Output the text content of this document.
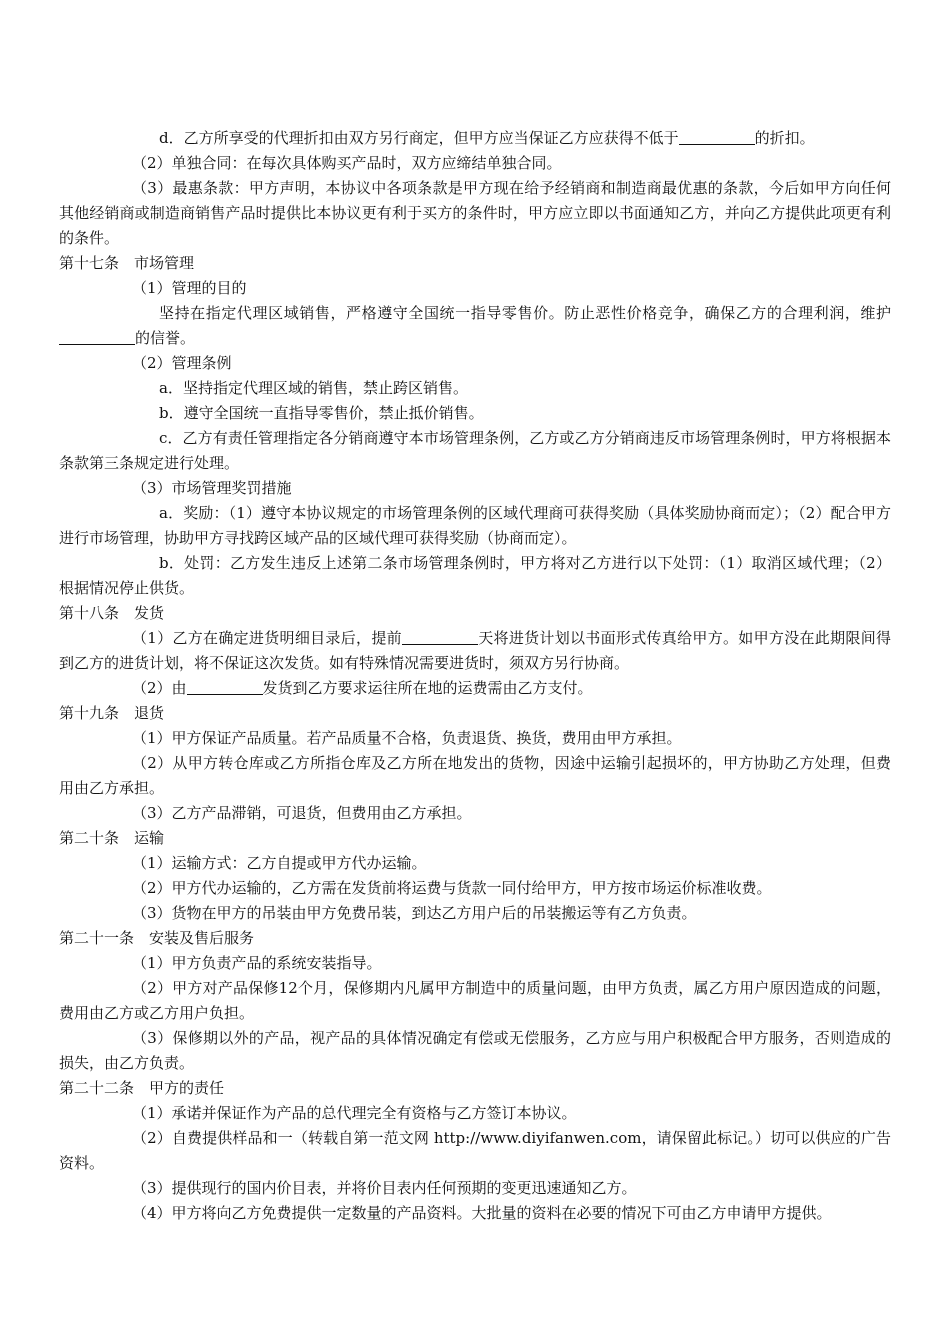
d．乙方所享受的代理折扣由双方另行商定，但甲方应当保证乙方应获得不低于	的折扣。

（2）单独合同：在每次具体购买产品时，双方应缔结单独合同。

（3）最惠条款：甲方声明，本协议中各项条款是甲方现在给予经销商和制造商最优惠的条款，今后如甲方向任何其他经销商或制造商销售产品时提供比本协议更有利于买方的条件时，甲方应立即以书面通知乙方，并向乙方提供此项更有利的条件。

第十七条　市场管理

（1）管理的目的

坚持在指定代理区域销售，严格遵守全国统一指导零售价。防止恶性价格竞争，确保乙方的合理利润，维护的信誉。

（2）管理条例

a．坚持指定代理区域的销售，禁止跨区销售。

b．遵守全国统一直指导零售价，禁止抵价销售。

c．乙方有责任管理指定各分销商遵守本市场管理条例，乙方或乙方分销商违反市场管理条例时，甲方将根据本条款第三条规定进行处理。

（3）市场管理奖罚措施

a．奖励：（1）遵守本协议规定的市场管理条例的区域代理商可获得奖励（具体奖励协商而定）；（2）配合甲方进行市场管理，协助甲方寻找跨区域产品的区域代理可获得奖励（协商而定）。

b．处罚：乙方发生违反上述第二条市场管理条例时，甲方将对乙方进行以下处罚：（1）取消区域代理；（2）根据情况停止供货。

第十八条　发货

（1）乙方在确定进货明细目录后，提前	天将进货计划以书面形式传真给甲方。如甲方没在此期限间得到乙方的进货计划，将不保证这次发货。如有特殊情况需要进货时，须双方另行协商。

（2）由	发货到乙方要求运往所在地的运费需由乙方支付。

第十九条　退货

（1）甲方保证产品质量。若产品质量不合格，负责退货、换货，费用由甲方承担。

（2）从甲方转仓库或乙方所指仓库及乙方所在地发出的货物，因途中运输引起损坏的，甲方协助乙方处理，但费用由乙方承担。

（3）乙方产品滞销，可退货，但费用由乙方承担。

第二十条　运输

（1）运输方式：乙方自提或甲方代办运输。

（2）甲方代办运输的，乙方需在发货前将运费与货款一同付给甲方，甲方按市场运价标准收费。

（3）货物在甲方的吊装由甲方免费吊装，到达乙方用户后的吊装搬运等有乙方负责。

第二十一条　安装及售后服务

（1）甲方负责产品的系统安装指导。

（2）甲方对产品保修12个月，保修期内凡属甲方制造中的质量问题，由甲方负责，属乙方用户原因造成的问题，费用由乙方或乙方用户负担。

（3）保修期以外的产品，视产品的具体情况确定有偿或无偿服务，乙方应与用户积极配合甲方服务，否则造成的损失，由乙方负责。

第二十二条　甲方的责任

（1）承诺并保证作为产品的总代理完全有资格与乙方签订本协议。

（2）自费提供样品和一（转载自第一范文网 http://www.diyifanwen.com，请保留此标记。）切可以供应的广告资料。

（3）提供现行的国内价目表，并将价目表内任何预期的变更迅速通知乙方。

（4）甲方将向乙方免费提供一定数量的产品资料。大批量的资料在必要的情况下可由乙方申请甲方提供。
